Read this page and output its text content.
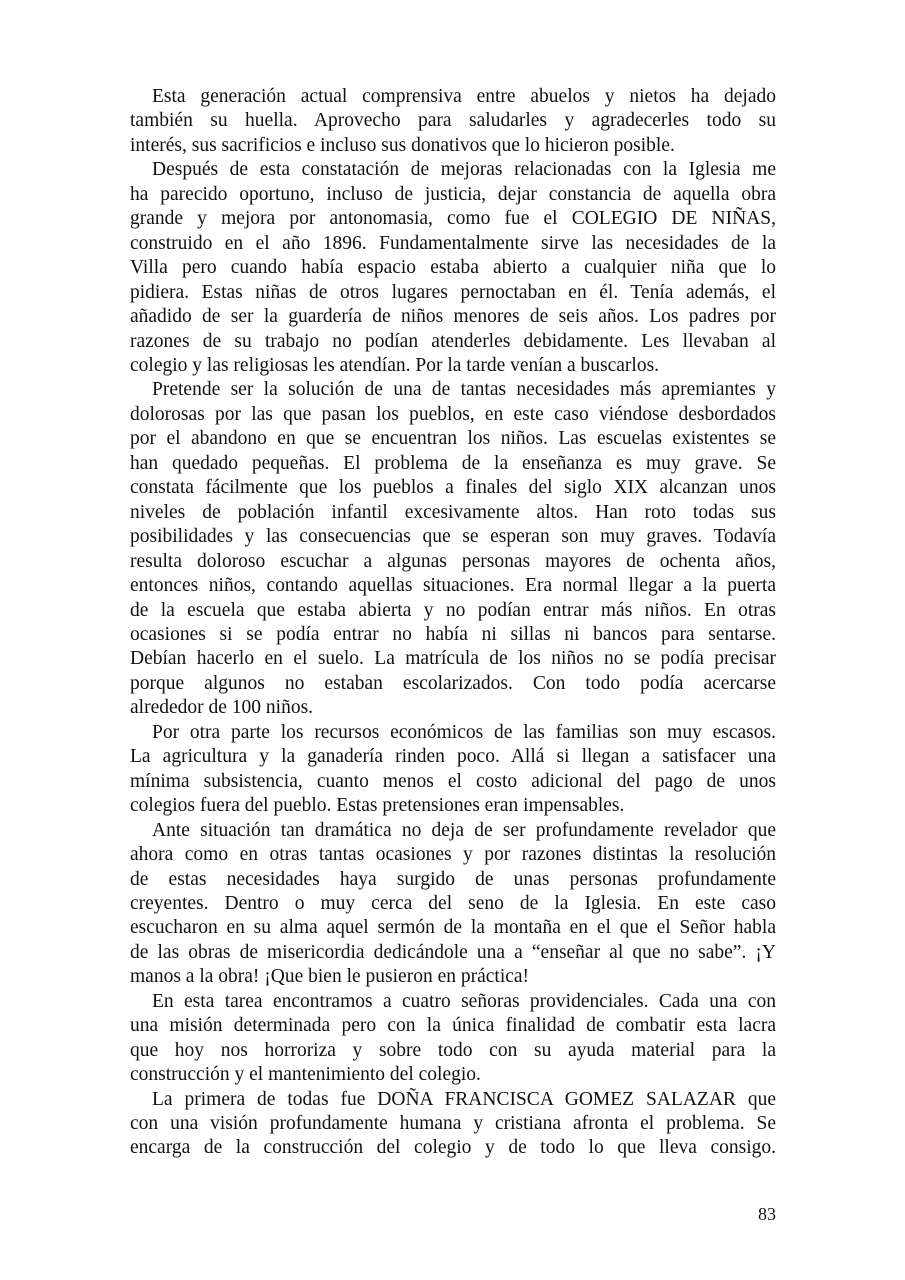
Esta generación actual comprensiva entre abuelos y nietos ha dejado
también su huella. Aprovecho para saludarles y agradecerles todo su
interés, sus sacrificios e incluso sus donativos que lo hicieron posible.
Después de esta constatación de mejoras relacionadas con la Iglesia me
ha parecido oportuno, incluso de justicia, dejar constancia de aquella obra
grande y mejora por antonomasia, como fue el COLEGIO DE NIÑAS,
construido en el año 1896. Fundamentalmente sirve las necesidades de la
Villa pero cuando había espacio estaba abierto a cualquier niña que lo
pidiera. Estas niñas de otros lugares pernoctaban en él. Tenía además, el
añadido de ser la guardería de niños menores de seis años. Los padres por
razones de su trabajo no podían atenderles debidamente. Les llevaban al
colegio y las religiosas les atendían. Por la tarde venían a buscarlos.
Pretende ser la solución de una de tantas necesidades más apremiantes y
dolorosas por las que pasan los pueblos, en este caso viéndose desbordados
por el abandono en que se encuentran los niños. Las escuelas existentes se
han quedado pequeñas. El problema de la enseñanza es muy grave. Se
constata fácilmente que los pueblos a finales del siglo XIX alcanzan unos
niveles de población infantil excesivamente altos. Han roto todas sus
posibilidades y las consecuencias que se esperan son muy graves. Todavía
resulta doloroso escuchar a algunas personas mayores de ochenta años,
entonces niños, contando aquellas situaciones. Era normal llegar a la puerta
de la escuela que estaba abierta y no podían entrar más niños. En otras
ocasiones si se podía entrar no había ni sillas ni bancos para sentarse.
Debían hacerlo en el suelo. La matrícula de los niños no se podía precisar
porque algunos no estaban escolarizados. Con todo podía acercarse
alrededor de 100 niños.
Por otra parte los recursos económicos de las familias son muy escasos.
La agricultura y la ganadería rinden poco. Allá si llegan a satisfacer una
mínima subsistencia, cuanto menos el costo adicional del pago de unos
colegios fuera del pueblo. Estas pretensiones eran impensables.
Ante situación tan dramática no deja de ser profundamente revelador que
ahora como en otras tantas ocasiones y por razones distintas la resolución
de estas necesidades haya surgido de unas personas profundamente
creyentes. Dentro o muy cerca del seno de la Iglesia. En este caso
escucharon en su alma aquel sermón de la montaña en el que el Señor habla
de las obras de misericordia dedicándole una a “enseñar al que no sabe”. ¡Y
manos a la obra! ¡Que bien le pusieron en práctica!
En esta tarea encontramos a cuatro señoras providenciales. Cada una con
una misión determinada pero con la única finalidad de combatir esta lacra
que hoy nos horroriza y sobre todo con su ayuda material para la
construcción y el mantenimiento del colegio.
La primera de todas fue DOÑA FRANCISCA GOMEZ SALAZAR que
con una visión profundamente humana y cristiana afronta el problema. Se
encarga de la construcción del colegio y de todo lo que lleva consigo.
83
